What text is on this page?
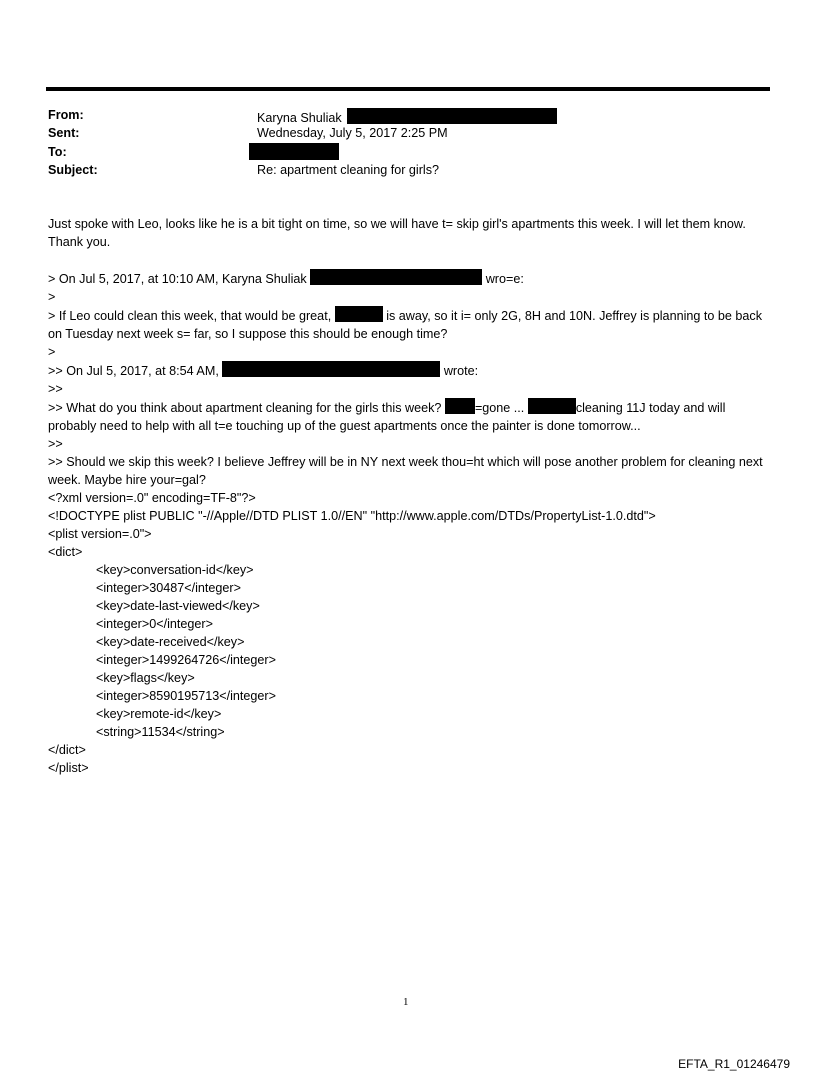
From:	Karyna Shuliak
Sent:	Wednesday, July 5, 2017 2:25 PM
To:
Subject:	Re: apartment cleaning for girls?
Just spoke with Leo, looks like he is a bit tight on time, so we will have t= skip girl's apartments this week. I will let them know.
Thank you.
> On Jul 5, 2017, at 10:10 AM, Karyna Shuliak	wro=e:
>
> If Leo could clean this week, that would be great,	is away, so it i= only 2G, 8H and 10N. Jeffrey is planning to be back on Tuesday next week s= far, so I suppose this should be enough time?
>
>> On Jul 5, 2017, at 8:54 AM,	wrote:
>>
>> What do you think about apartment cleaning for the girls this week?	=gone ...	cleaning 11J today and will probably need to help with all t=e touching up of the guest apartments once the painter is done tomorrow...
>>
>> Should we skip this week? I believe Jeffrey will be in NY next week thou=ht which will pose another problem for cleaning next week. Maybe hire your=gal?
<?xml version=.0" encoding=TF-8"?>
<!DOCTYPE plist PUBLIC "-//Apple//DTD PLIST 1.0//EN" "http://www.apple.com/DTDs/PropertyList-1.0.dtd">
<plist version=.0">
<dict>
<key>conversation-id</key>
<integer>30487</integer>
<key>date-last-viewed</key>
<integer>0</integer>
<key>date-received</key>
<integer>1499264726</integer>
<key>flags</key>
<integer>8590195713</integer>
<key>remote-id</key>
<string>11534</string>
</dict>
</plist>
1
EFTA_R1_01246479
